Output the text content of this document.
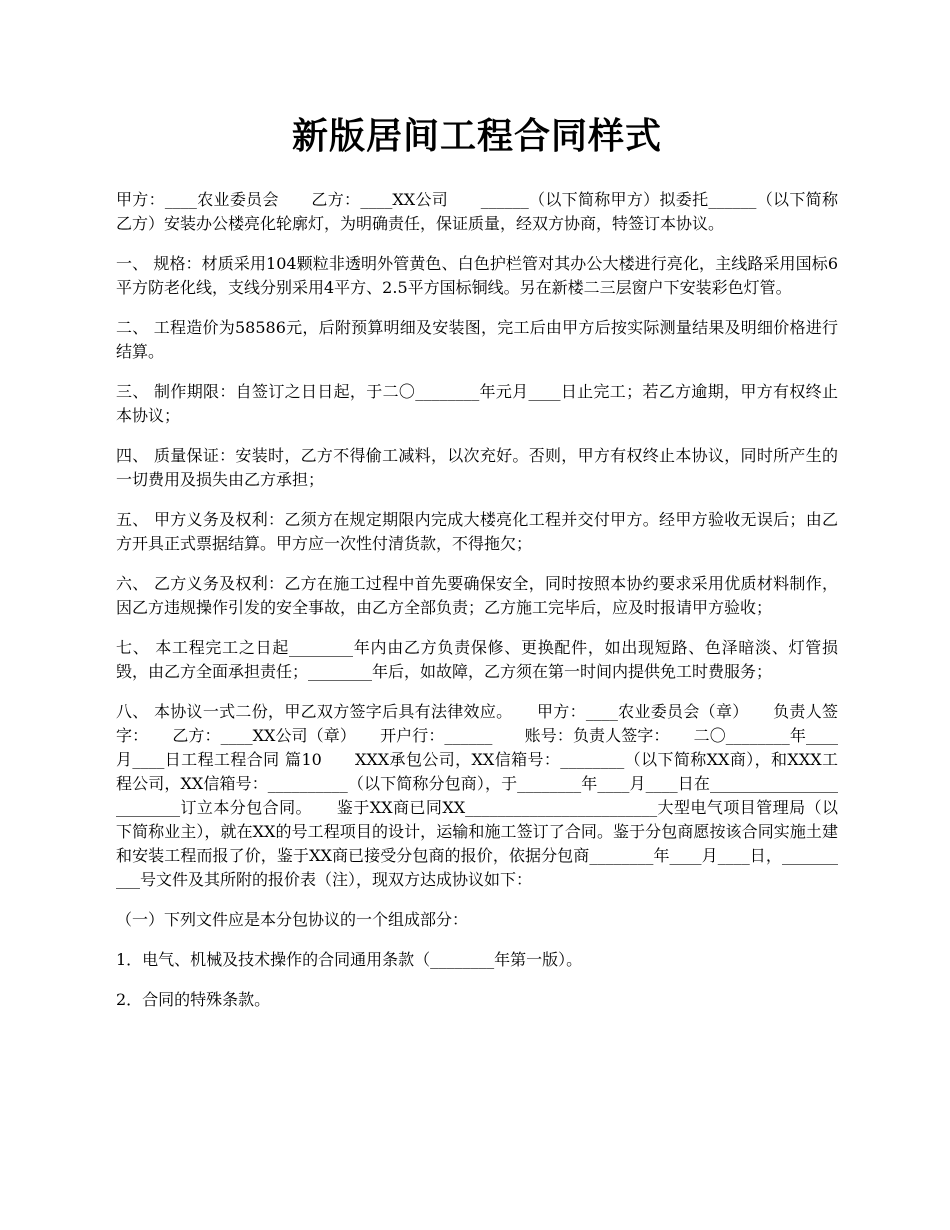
新版居间工程合同样式

甲方：____农业委员会　　乙方：____XX公司　　______（以下简称甲方）拟委托______（以下简称乙方）安装办公楼亮化轮廓灯，为明确责任，保证质量，经双方协商，特签订本协议。

一、 规格：材质采用104颗粒非透明外管黄色、白色护栏管对其办公大楼进行亮化，主线路采用国标6平方防老化线，支线分别采用4平方、2.5平方国标铜线。另在新楼二三层窗户下安装彩色灯管。

二、 工程造价为58586元，后附预算明细及安装图，完工后由甲方后按实际测量结果及明细价格进行结算。

三、 制作期限：自签订之日日起，于二〇________年元月____日止完工；若乙方逾期，甲方有权终止本协议；

四、 质量保证：安装时，乙方不得偷工减料，以次充好。否则，甲方有权终止本协议，同时所产生的一切费用及损失由乙方承担；

五、 甲方义务及权利：乙须方在规定期限内完成大楼亮化工程并交付甲方。经甲方验收无误后；由乙方开具正式票据结算。甲方应一次性付清货款，不得拖欠；

六、 乙方义务及权利：乙方在施工过程中首先要确保安全，同时按照本协约要求采用优质材料制作，因乙方违规操作引发的安全事故，由乙方全部负责；乙方施工完毕后，应及时报请甲方验收；

七、 本工程完工之日起________年内由乙方负责保修、更换配件，如出现短路、色泽暗淡、灯管损毁，由乙方全面承担责任；________年后，如故障，乙方须在第一时间内提供免工时费服务；

八、 本协议一式二份，甲乙双方签字后具有法律效应。　　甲方：____农业委员会（章）　　负责人签字：　　乙方：____XX公司（章）　　开户行：______　　账号：负责人签字：　　二〇________年____月____日工程工程合同 篇10　　XXX承包公司，XX信箱号：________（以下简称XX商），和XXX工程公司，XX信箱号：__________（以下简称分包商），于________年____月____日在________________________订立本分包合同。　　鉴于XX商已同XX________________________大型电气项目管理局（以下简称业主），就在XX的号工程项目的设计，运输和施工签订了合同。鉴于分包商愿按该合同实施土建和安装工程而报了价，鉴于XX商已接受分包商的报价，依据分包商________年____月____日，__________号文件及其所附的报价表（注），现双方达成协议如下：

（一）下列文件应是本分包协议的一个组成部分：

1．电气、机械及技术操作的合同通用条款（________年第一版）。

2．合同的特殊条款。
